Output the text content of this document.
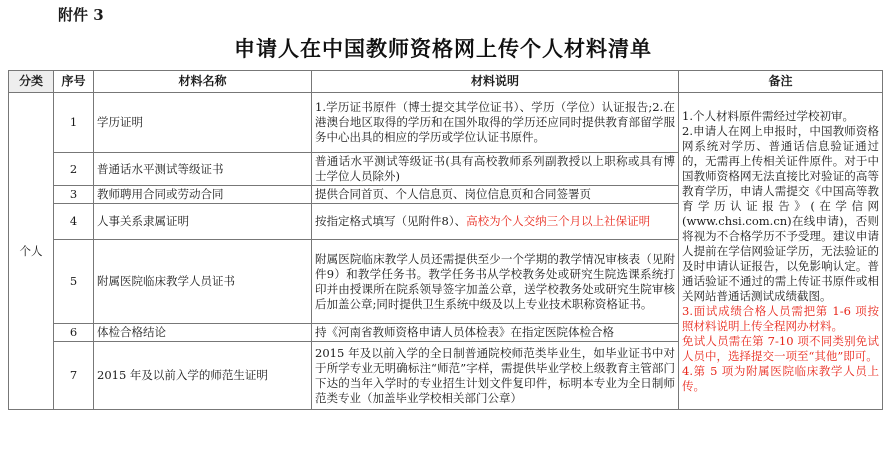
附件 3
申请人在中国教师资格网上传个人材料清单
分类	序号	材料名称	材料说明	备注
个人	1	学历证明	1.学历证书原件（博士提交其学位证书）、学历（学位）认证报告;2.在港澳台地区取得的学历和在国外取得的学历还应同时提供教育部留学服务中心出具的相应的学历或学位认证书原件。	1.个人材料原件需经过学校初审。
2.申请人在网上申报时，中国教师资格网系统对学历、普通话信息验证通过的，无需再上传相关证件原件。对于中国教师资格网无法直接比对验证的高等教育学历，申请人需提交《中国高等教育学历认证报告》(在学信网(www.chsi.com.cn)在线申请)，否则将视为不合格学历不予受理。建议申请人提前在学信网验证学历，无法验证的及时申请认证报告，以免影响认定。普通话验证不通过的需上传证书原件或相关网站普通话测试成绩截图。
3.面试成绩合格人员需把第 1-6 项按照材料说明上传全程网办材料。
免试人员需在第 7-10 项不同类别免试人员中，选择提交一项至“其他”即可。
4.第 5 项为附属医院临床教学人员上传。

	2	普通话水平测试等级证书	普通话水平测试等级证书(具有高校教师系列副教授以上职称或具有博士学位人员除外)	
	3	教师聘用合同或劳动合同	提供合同首页、个人信息页、岗位信息页和合同签署页	
	4	人事关系隶属证明	按指定格式填写（见附件8）、高校为个人交纳三个月以上社保证明	
	5	附属医院临床教学人员证书	附属医院临床教学人员还需提供至少一个学期的教学情况审核表（见附件9）和教学任务书。教学任务书从学校教务处或研究生院选课系统打印并由授课所在院系领导签字加盖公章，送学校教务处或研究生院审核后加盖公章;同时提供卫生系统中级及以上专业技术职称资格证书。	
	6	体检合格结论	持《河南省教师资格申请人员体检表》在指定医院体检合格	
	7	2015 年及以前入学的师范生证明	2015 年及以前入学的全日制普通院校师范类毕业生，如毕业证书中对于所学专业无明确标注“师范”字样，需提供毕业学校上级教育主管部门下达的当年入学时的专业招生计划文件复印件，标明本专业为全日制师范类专业（加盖毕业学校相关部门公章）	
